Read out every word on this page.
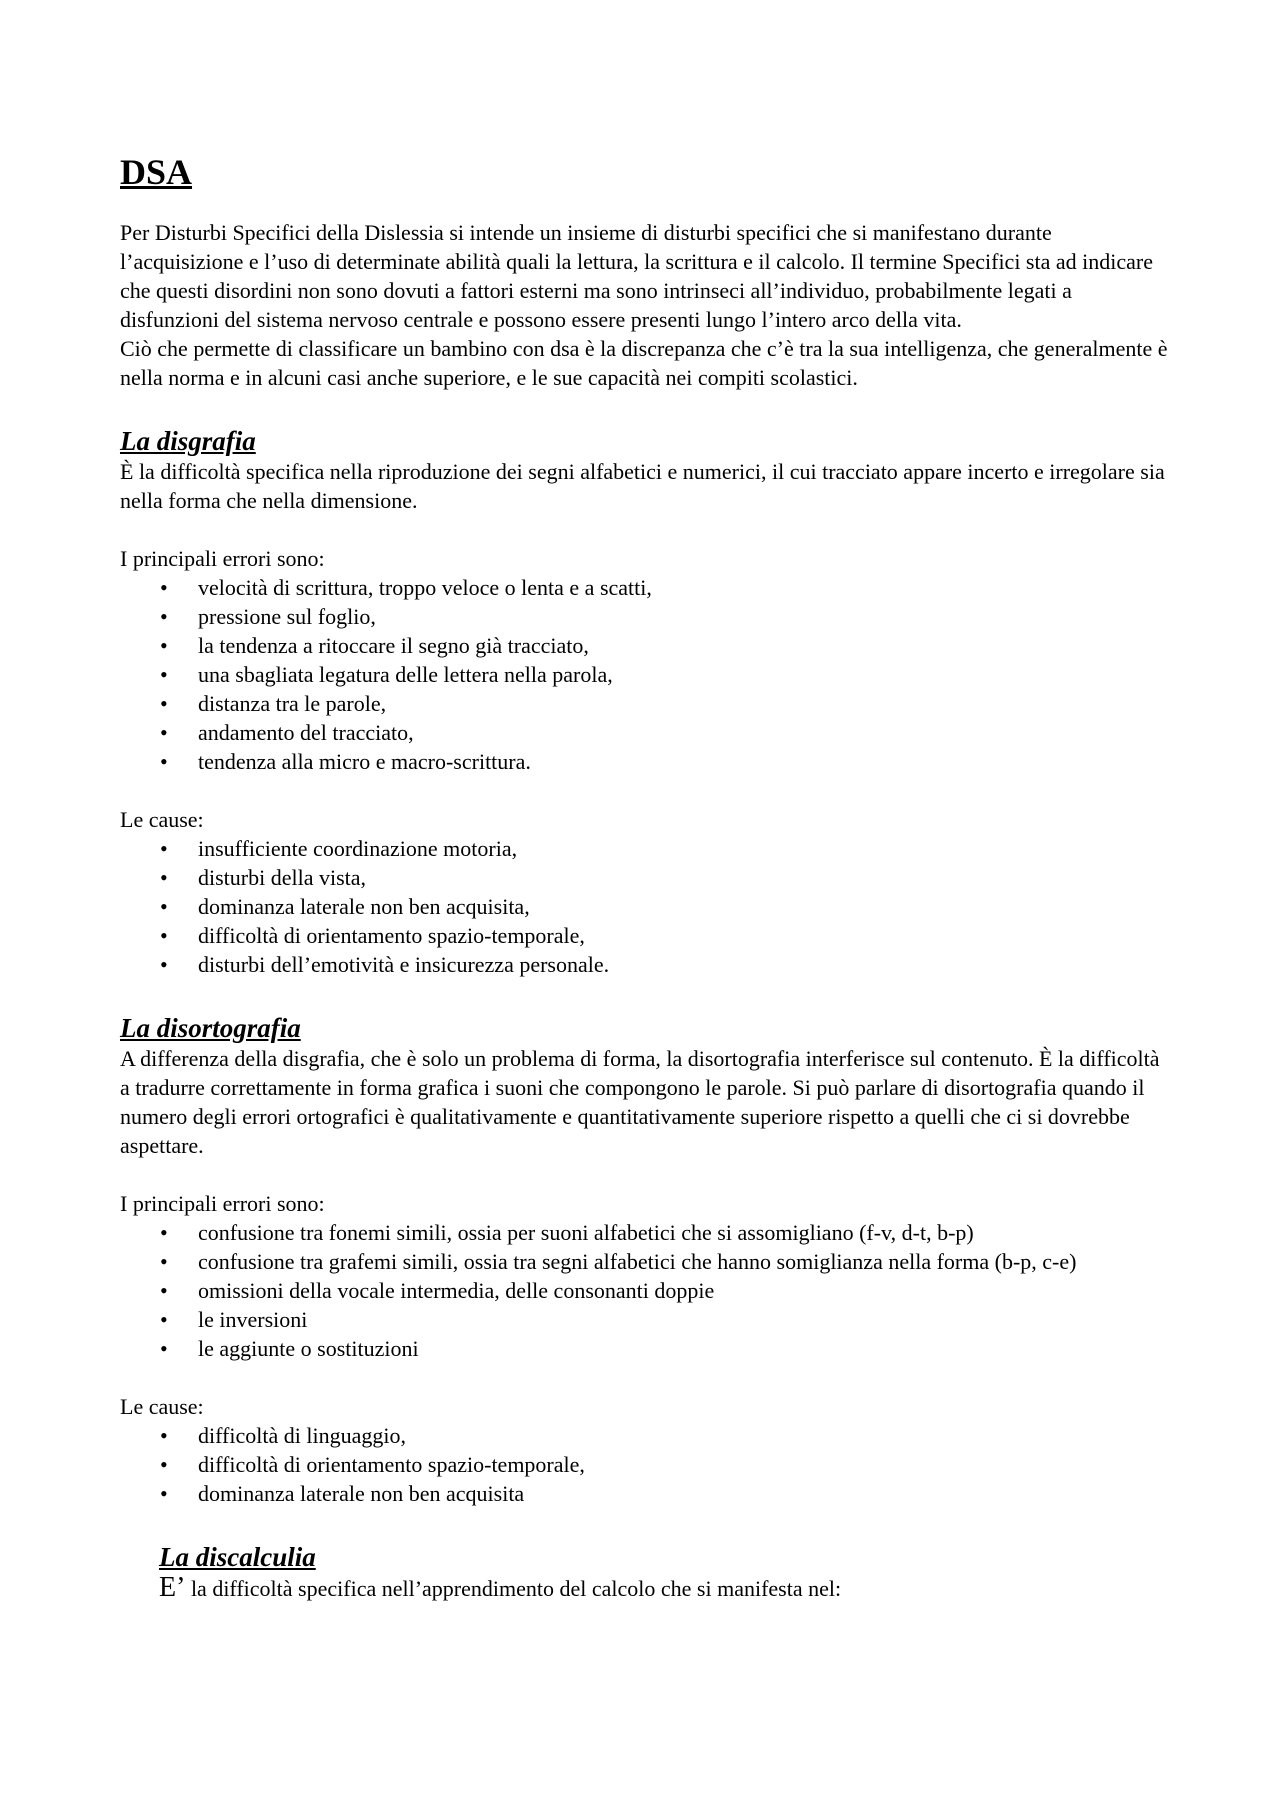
DSA

Per Disturbi Specifici della Dislessia si intende un insieme di disturbi specifici che si manifestano durante l’acquisizione e l’uso di determinate abilità quali la lettura, la scrittura e il calcolo. Il termine Specifici sta ad indicare che questi disordini non sono dovuti a fattori esterni ma sono intrinseci all’individuo, probabilmente legati a disfunzioni del sistema nervoso centrale e possono essere presenti lungo l’intero arco della vita.

Ciò che permette di classificare un bambino con dsa è la discrepanza che c’è tra la sua intelligenza, che generalmente è nella norma e in alcuni casi anche superiore, e le sue capacità nei compiti scolastici.

La disgrafia

È la difficoltà specifica nella riproduzione dei segni alfabetici e numerici, il cui tracciato appare incerto e irregolare sia nella forma che nella dimensione.

I principali errori sono:

• velocità di scrittura, troppo veloce o lenta e a scatti,
• pressione sul foglio,
• la tendenza a ritoccare il segno già tracciato,
• una sbagliata legatura delle lettera nella parola,
• distanza tra le parole,
• andamento del tracciato,
• tendenza alla micro e macro-scrittura.

Le cause:

• insufficiente coordinazione motoria,
• disturbi della vista,
• dominanza laterale non ben acquisita,
• difficoltà di orientamento spazio-temporale,
• disturbi dell’emotività e insicurezza personale.
La disortografia

A differenza della disgrafia, che è solo un problema di forma, la disortografia interferisce sul contenuto. È la difficoltà a tradurre correttamente in forma grafica i suoni che compongono le parole. Si può parlare di disortografia quando il numero degli errori ortografici è qualitativamente e quantitativamente superiore rispetto a quelli che ci si dovrebbe aspettare.

I principali errori sono:

• confusione tra fonemi simili, ossia per suoni alfabetici che si assomigliano (f-v, d-t, b-p)
• confusione tra grafemi simili, ossia tra segni alfabetici che hanno somiglianza nella forma (b-p, c-e)
• omissioni della vocale intermedia, delle consonanti doppie
• le inversioni
• le aggiunte o sostituzioni

Le cause:

• difficoltà di linguaggio,
• difficoltà di orientamento spazio-temporale,
• dominanza laterale non ben acquisita
La discalculia

E’ la difficoltà specifica nell’apprendimento del calcolo che si manifesta nel:
